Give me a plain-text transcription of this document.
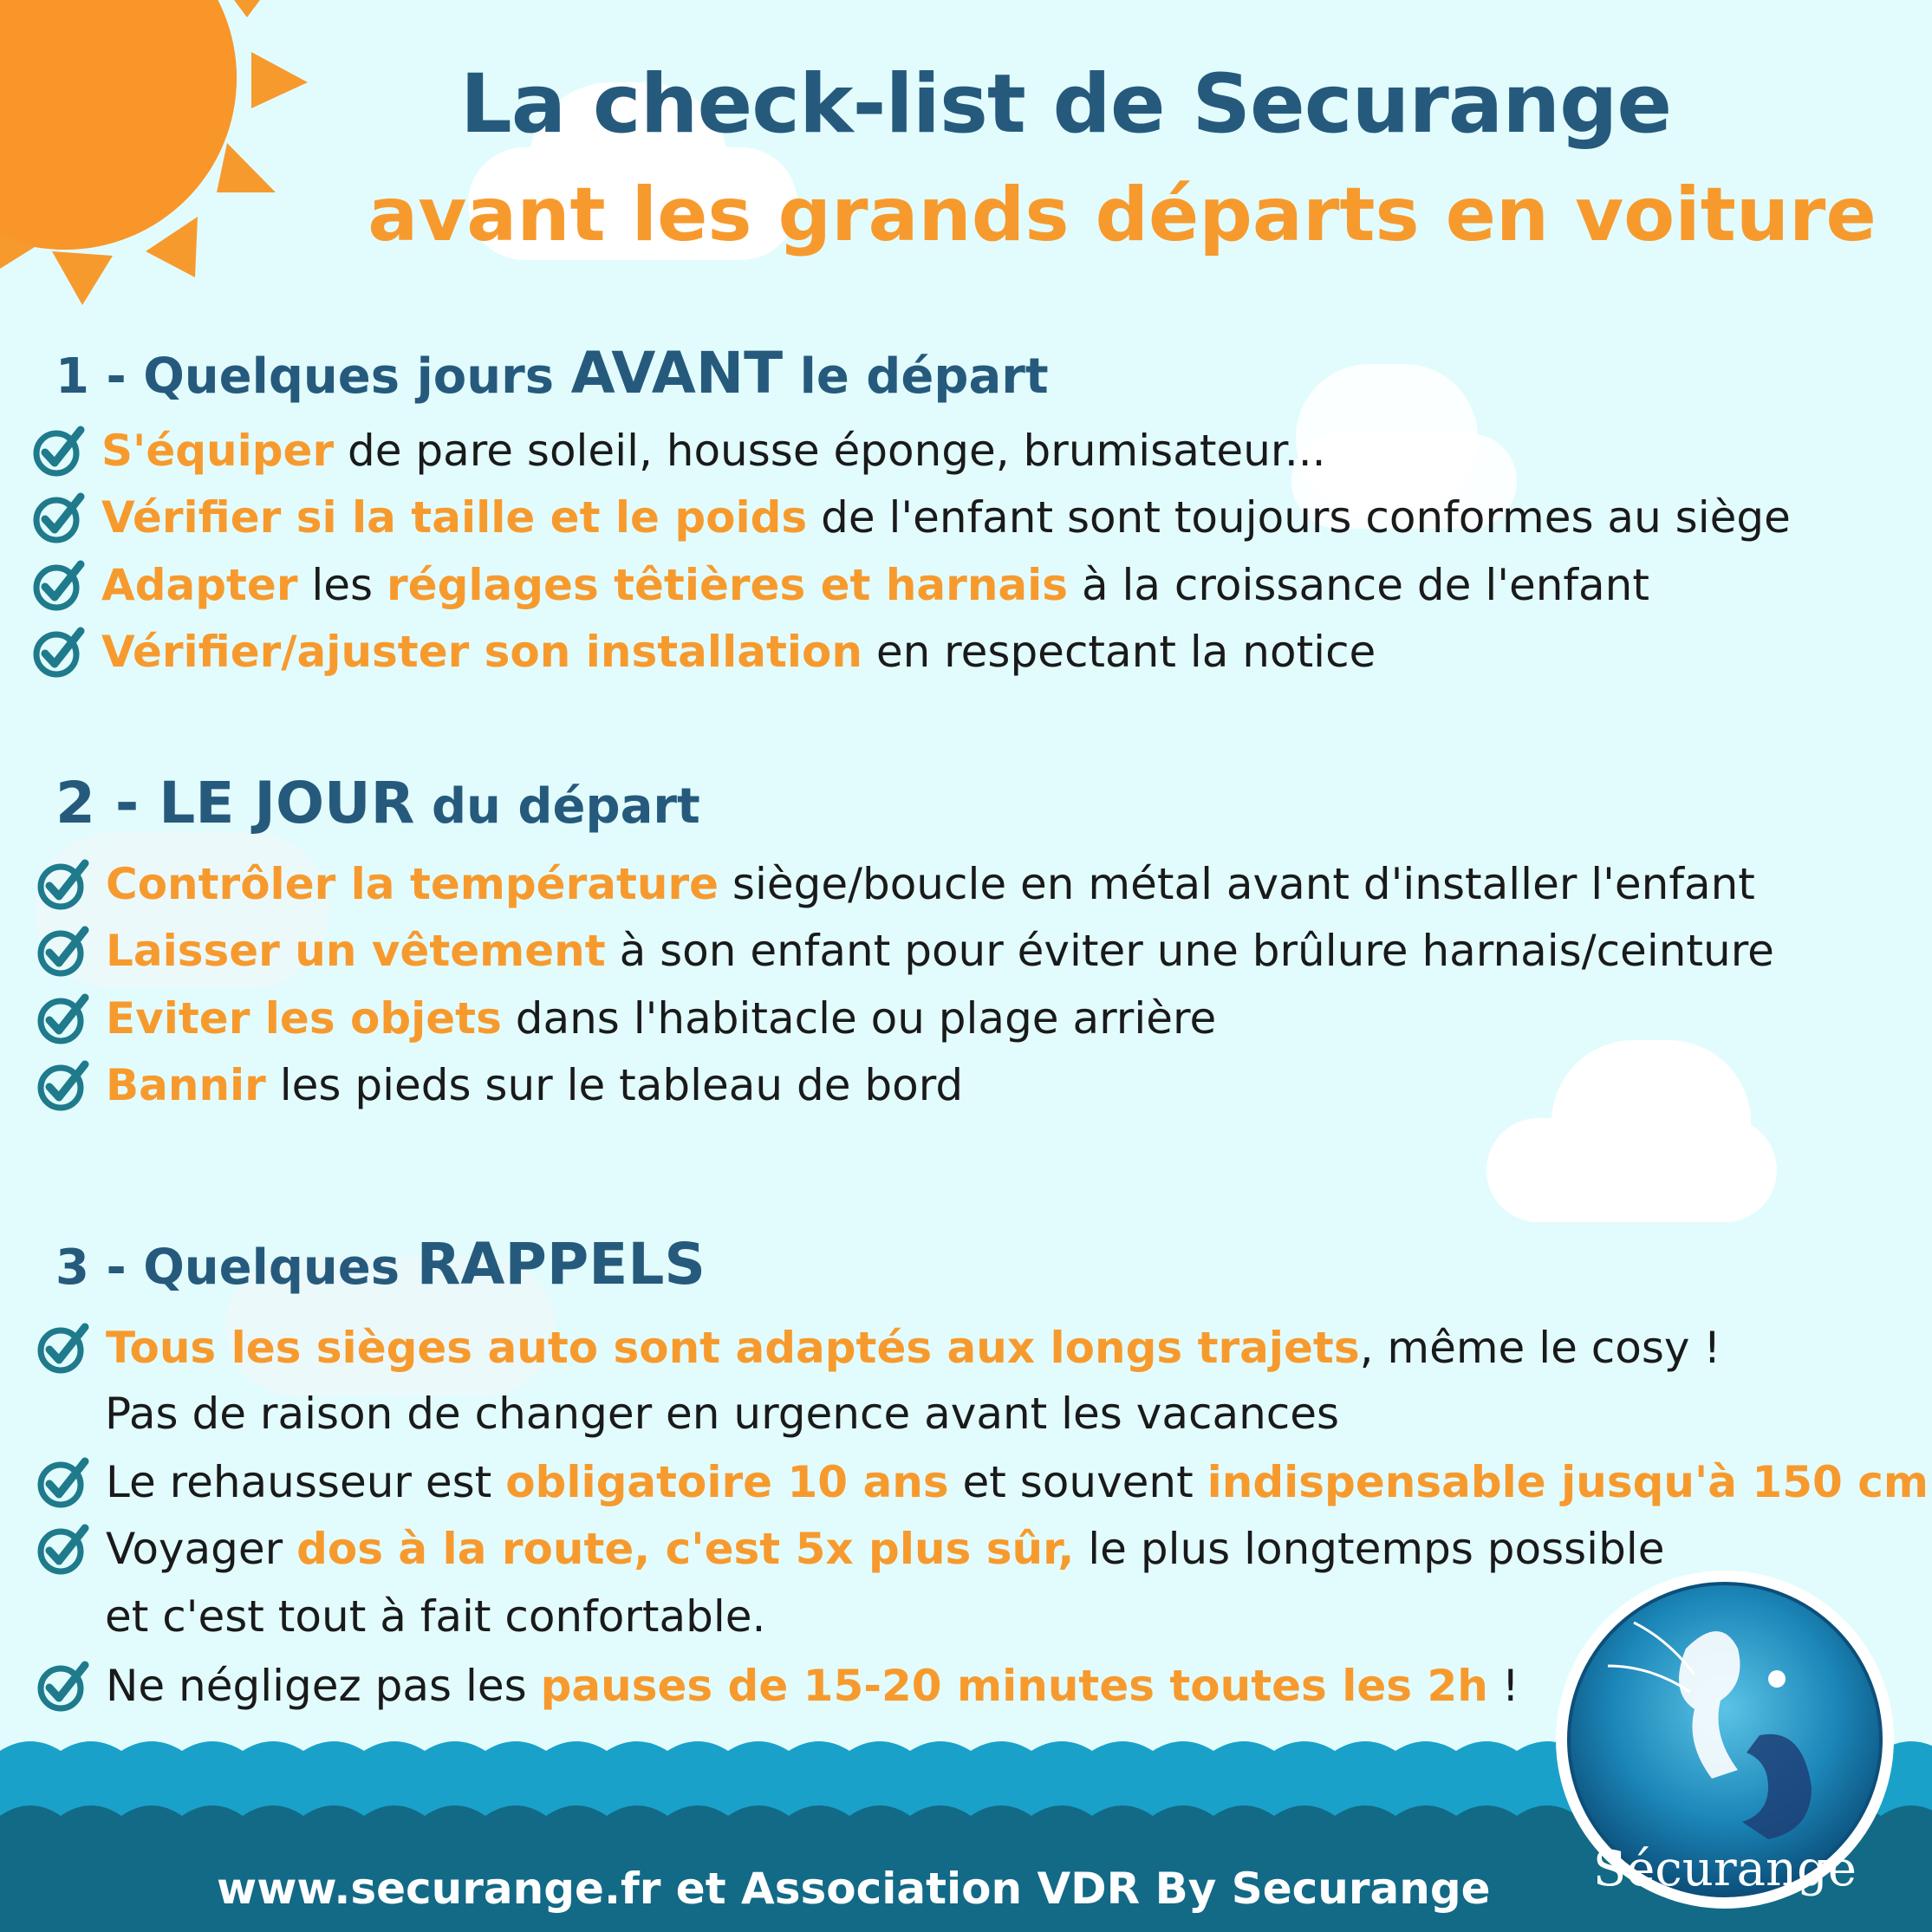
La check-list de Securange
avant les grands départs en voiture
1 - Quelques jours AVANT le départ
2 - LE JOUR du départ
3 - Quelques RAPPELS
S'équiper de pare soleil, housse éponge, brumisateur...
Vérifier si la taille et le poids de l'enfant sont toujours conformes au siège
Adapter les réglages têtières et harnais à la croissance de l'enfant
Vérifier/ajuster son installation en respectant la notice
Contrôler la température siège/boucle en métal avant d'installer l'enfant
Laisser un vêtement à son enfant pour éviter une brûlure harnais/ceinture
Eviter les objets dans l'habitacle ou plage arrière
Bannir les pieds sur le tableau de bord
Tous les sièges auto sont adaptés aux longs trajets, même le cosy !
Pas de raison de changer en urgence avant les vacances
Le rehausseur est obligatoire 10 ans et souvent indispensable jusqu'à 150 cm
Voyager dos à la route, c'est 5x plus sûr, le plus longtemps possible
et c'est tout à fait confortable.
Ne négligez pas les pauses de 15-20 minutes toutes les 2h !
www.securange.fr et Association VDR By Securange	Sécurange
